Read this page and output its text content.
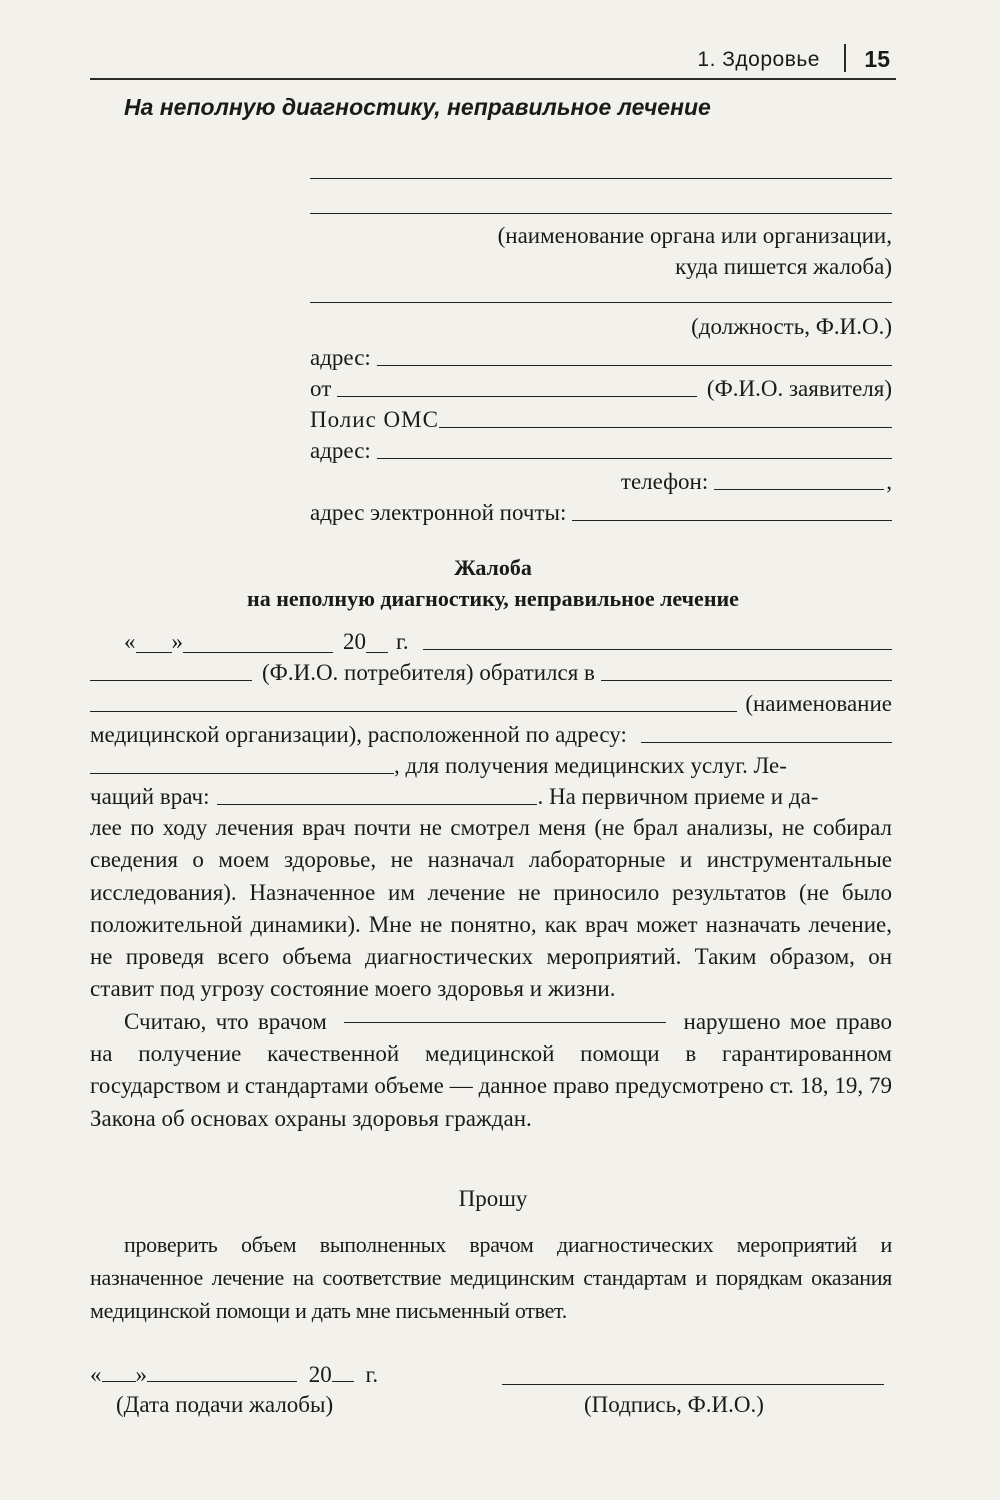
1. Здоровье 15
На неполную диагностику, неправильное лечение
(наименование органа или организации,
куда пишется жалоба)
(должность, Ф.И.О.)
адрес:
от	(Ф.И.О. заявителя)
Полис ОМС
адрес:
телефон:	,
адрес электронной почты:
Жалоба
на неполную диагностику, неправильное лечение
« »	20 г.
(Ф.И.О. потребителя) обратился в
(наименование
медицинской организации), расположенной по адресу:
, для получения медицинских услуг. Ле-
чащий врач:	. На первичном приеме и да-

лее по ходу лечения врач почти не смотрел меня (не брал анализы, не собирал сведения о моем здоровье, не назначал лабораторные и инструментальные исследования). Назначенное им лечение не приносило результатов (не было положительной динамики). Мне не понятно, как врач может назначать лечение, не проведя всего объема диагностических мероприятий. Таким образом, он ставит под угрозу состояние моего здоровья и жизни.

Считаю, что врачом	нарушено мое право на получение качественной медицинской помощи в гарантированном государством и стандартами объеме — данное право предусмотрено ст. 18, 19, 79 Закона об основах охраны здоровья граждан.

Прошу

проверить объем выполненных врачом диагностических мероприятий и назначенное лечение на соответствие медицинским стандартам и порядкам оказания медицинской помощи и дать мне письменный ответ.

« »	20 г.
(Дата подачи жалобы)	(Подпись, Ф.И.О.)
